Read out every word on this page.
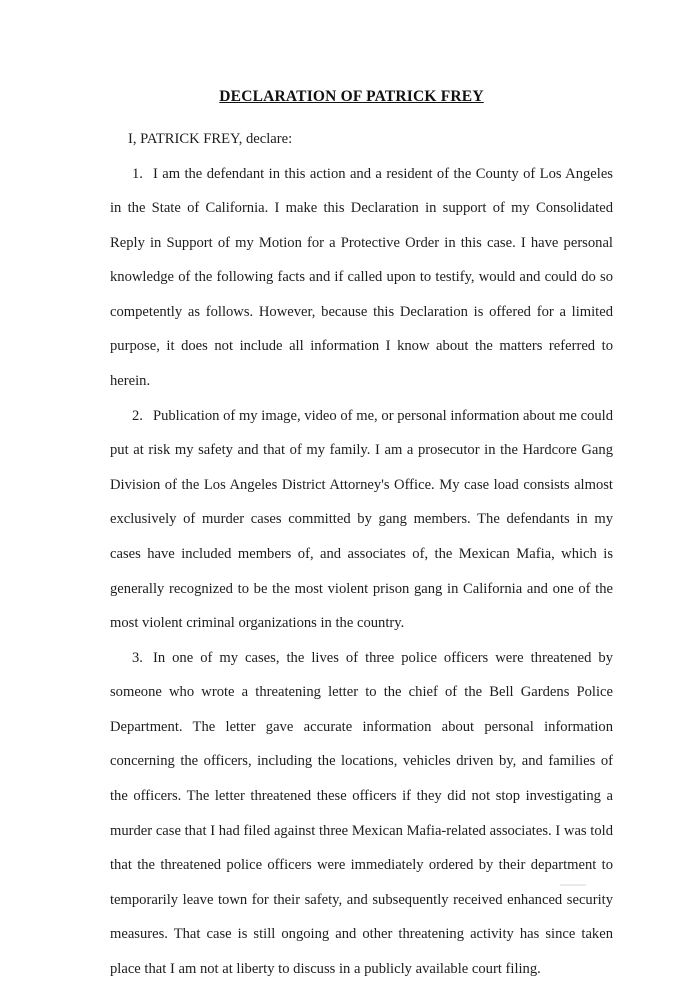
DECLARATION OF PATRICK FREY

I, PATRICK FREY, declare:

1. I am the defendant in this action and a resident of the County of Los Angeles in the State of California. I make this Declaration in support of my Consolidated Reply in Support of my Motion for a Protective Order in this case. I have personal knowledge of the following facts and if called upon to testify, would and could do so competently as follows. However, because this Declaration is offered for a limited purpose, it does not include all information I know about the matters referred to herein.

2. Publication of my image, video of me, or personal information about me could put at risk my safety and that of my family. I am a prosecutor in the Hardcore Gang Division of the Los Angeles District Attorney's Office. My case load consists almost exclusively of murder cases committed by gang members. The defendants in my cases have included members of, and associates of, the Mexican Mafia, which is generally recognized to be the most violent prison gang in California and one of the most violent criminal organizations in the country.

3. In one of my cases, the lives of three police officers were threatened by someone who wrote a threatening letter to the chief of the Bell Gardens Police Department. The letter gave accurate information about personal information concerning the officers, including the locations, vehicles driven by, and families of the officers. The letter threatened these officers if they did not stop investigating a murder case that I had filed against three Mexican Mafia-related associates. I was told that the threatened police officers were immediately ordered by their department to temporarily leave town for their safety, and subsequently received enhanced security measures. That case is still ongoing and other threatening activity has since taken place that I am not at liberty to discuss in a publicly available court filing.
